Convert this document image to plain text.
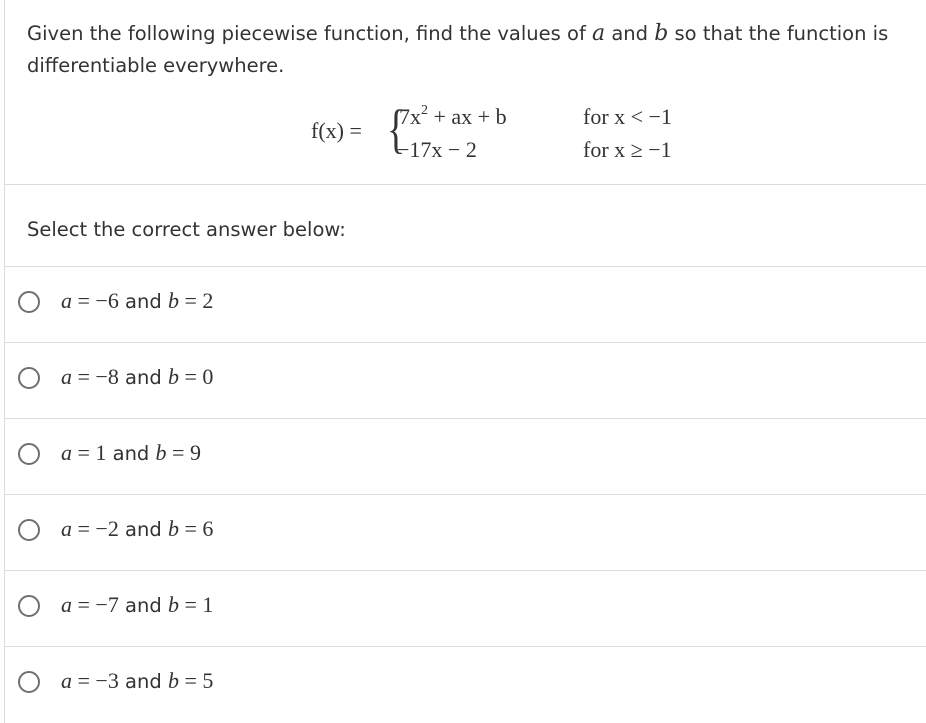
Given the following piecewise function, find the values of a and b so that the function is differentiable everywhere.
f(x) = {
$7x^2$ + ax + b	for x < −1
−17x − 2	for x ≥ −1
Select the correct answer below:
a = −6 and b = 2
a = −8 and b = 0
a = 1 and b = 9
a = −2 and b = 6
a = −7 and b = 1
a = −3 and b = 5
